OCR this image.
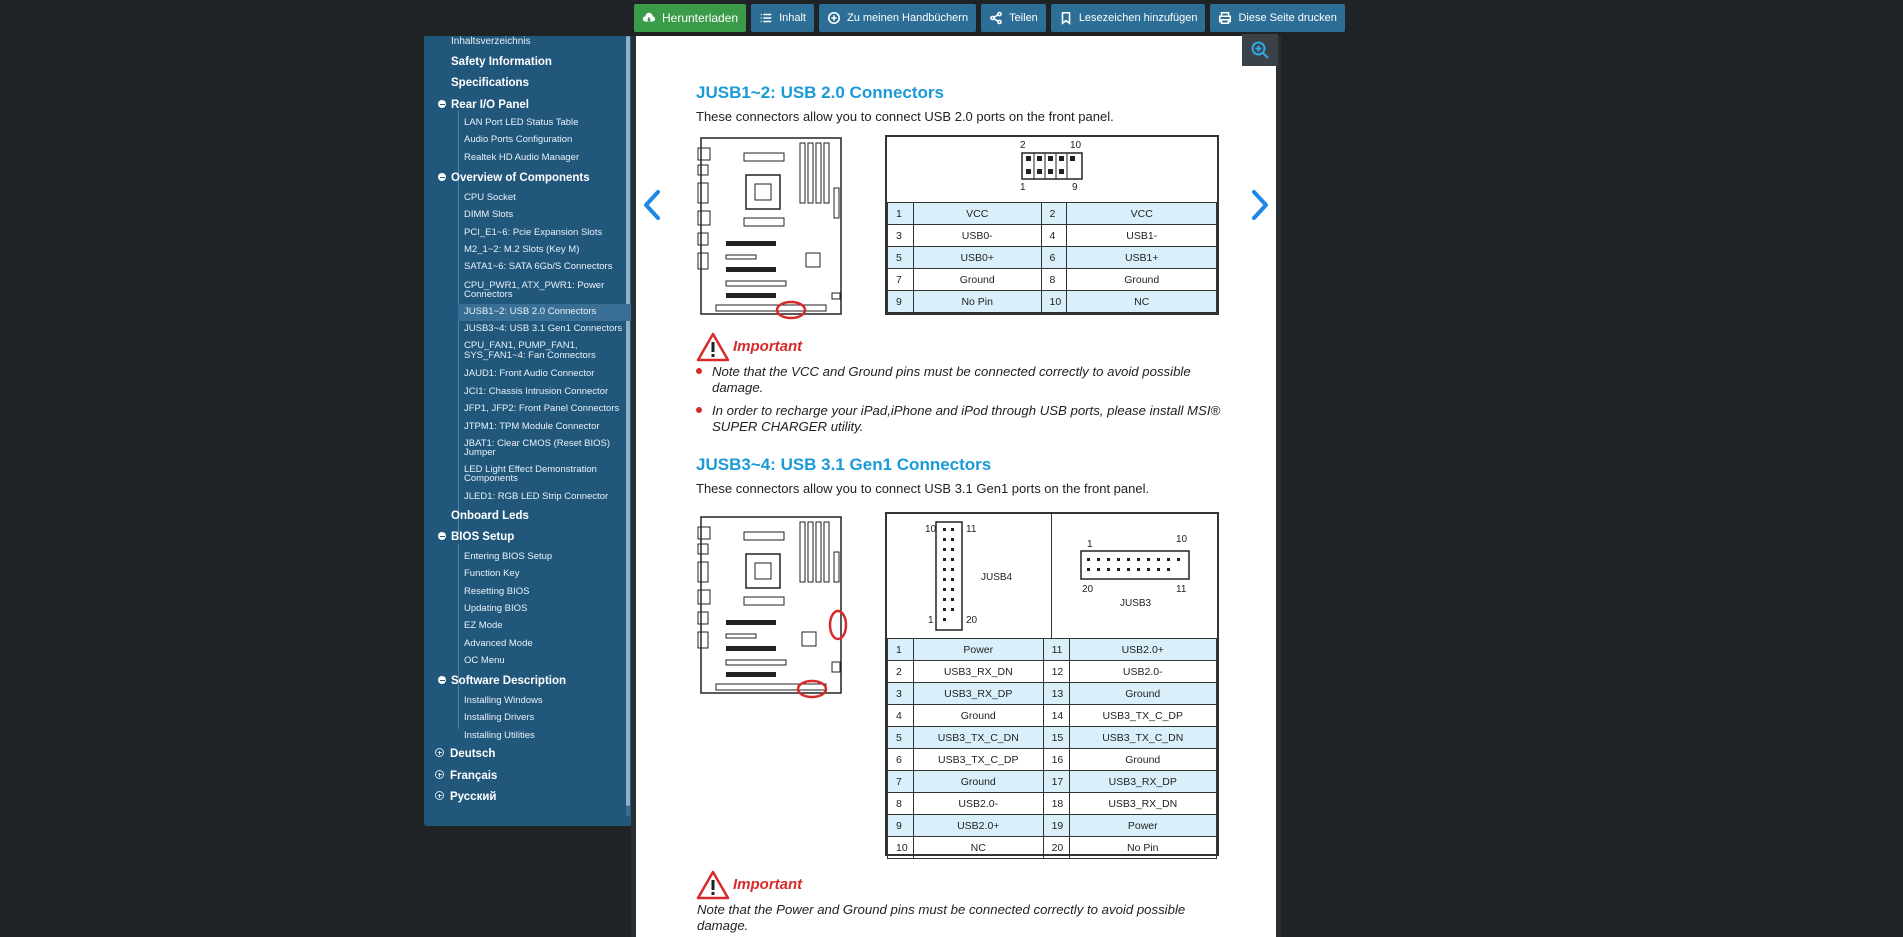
Herunterladen	Inhalt	Zu meinen Handbüchern	Teilen	Lesezeichen hinzufügen	Diese Seite drucken
Inhaltsverzeichnis
Safety Information
Specifications
Rear I/O Panel
LAN Port LED Status Table
Audio Ports Configuration
Realtek HD Audio Manager
Overview of Components
CPU Socket
DIMM Slots
PCI_E1~6: Pcie Expansion Slots
M2_1~2: M.2 Slots (Key M)
SATA1~6: SATA 6Gb/S Connectors
CPU_PWR1, ATX_PWR1: Power
Connectors
JUSB1~2: USB 2.0 Connectors
JUSB3~4: USB 3.1 Gen1 Connectors
CPU_FAN1, PUMP_FAN1,
SYS_FAN1~4: Fan Connectors
JAUD1: Front Audio Connector
JCI1: Chassis Intrusion Connector
JFP1, JFP2: Front Panel Connectors
JTPM1: TPM Module Connector
JBAT1: Clear CMOS (Reset BIOS)
Jumper
LED Light Effect Demonstration
Components
JLED1: RGB LED Strip Connector
Onboard Leds
BIOS Setup
Entering BIOS Setup
Function Key
Resetting BIOS
Updating BIOS
EZ Mode
Advanced Mode
OC Menu
Software Description
Installing Windows
Installing Drivers
Installing Utilities
Deutsch
Français
Русский
JUSB1~2: USB 2.0 Connectors
These connectors allow you to connect USB 2.0 ports on the front panel.
2	10
1	9
1	VCC	2	VCC
3	USB0-	4	USB1-
5	USB0+	6	USB1+
7	Ground	8	Ground
9	No Pin	10	NC
Important
Note that the VCC and Ground pins must be connected correctly to avoid possible damage.
In order to recharge your iPad,iPhone and iPod through USB ports, please install MSI® SUPER CHARGER utility.
JUSB3~4: USB 3.1 Gen1 Connectors
These connectors allow you to connect USB 3.1 Gen1 ports on the front panel.
10	11
1	20
JUSB4
1	10
20	11
JUSB3
1	Power	11	USB2.0+
2	USB3_RX_DN	12	USB2.0-
3	USB3_RX_DP	13	Ground
4	Ground	14	USB3_TX_C_DP
5	USB3_TX_C_DN	15	USB3_TX_C_DN
6	USB3_TX_C_DP	16	Ground
7	Ground	17	USB3_RX_DP
8	USB2.0-	18	USB3_RX_DN
9	USB2.0+	19	Power
10	NC	20	No Pin
Important
Note that the Power and Ground pins must be connected correctly to avoid possible damage.
